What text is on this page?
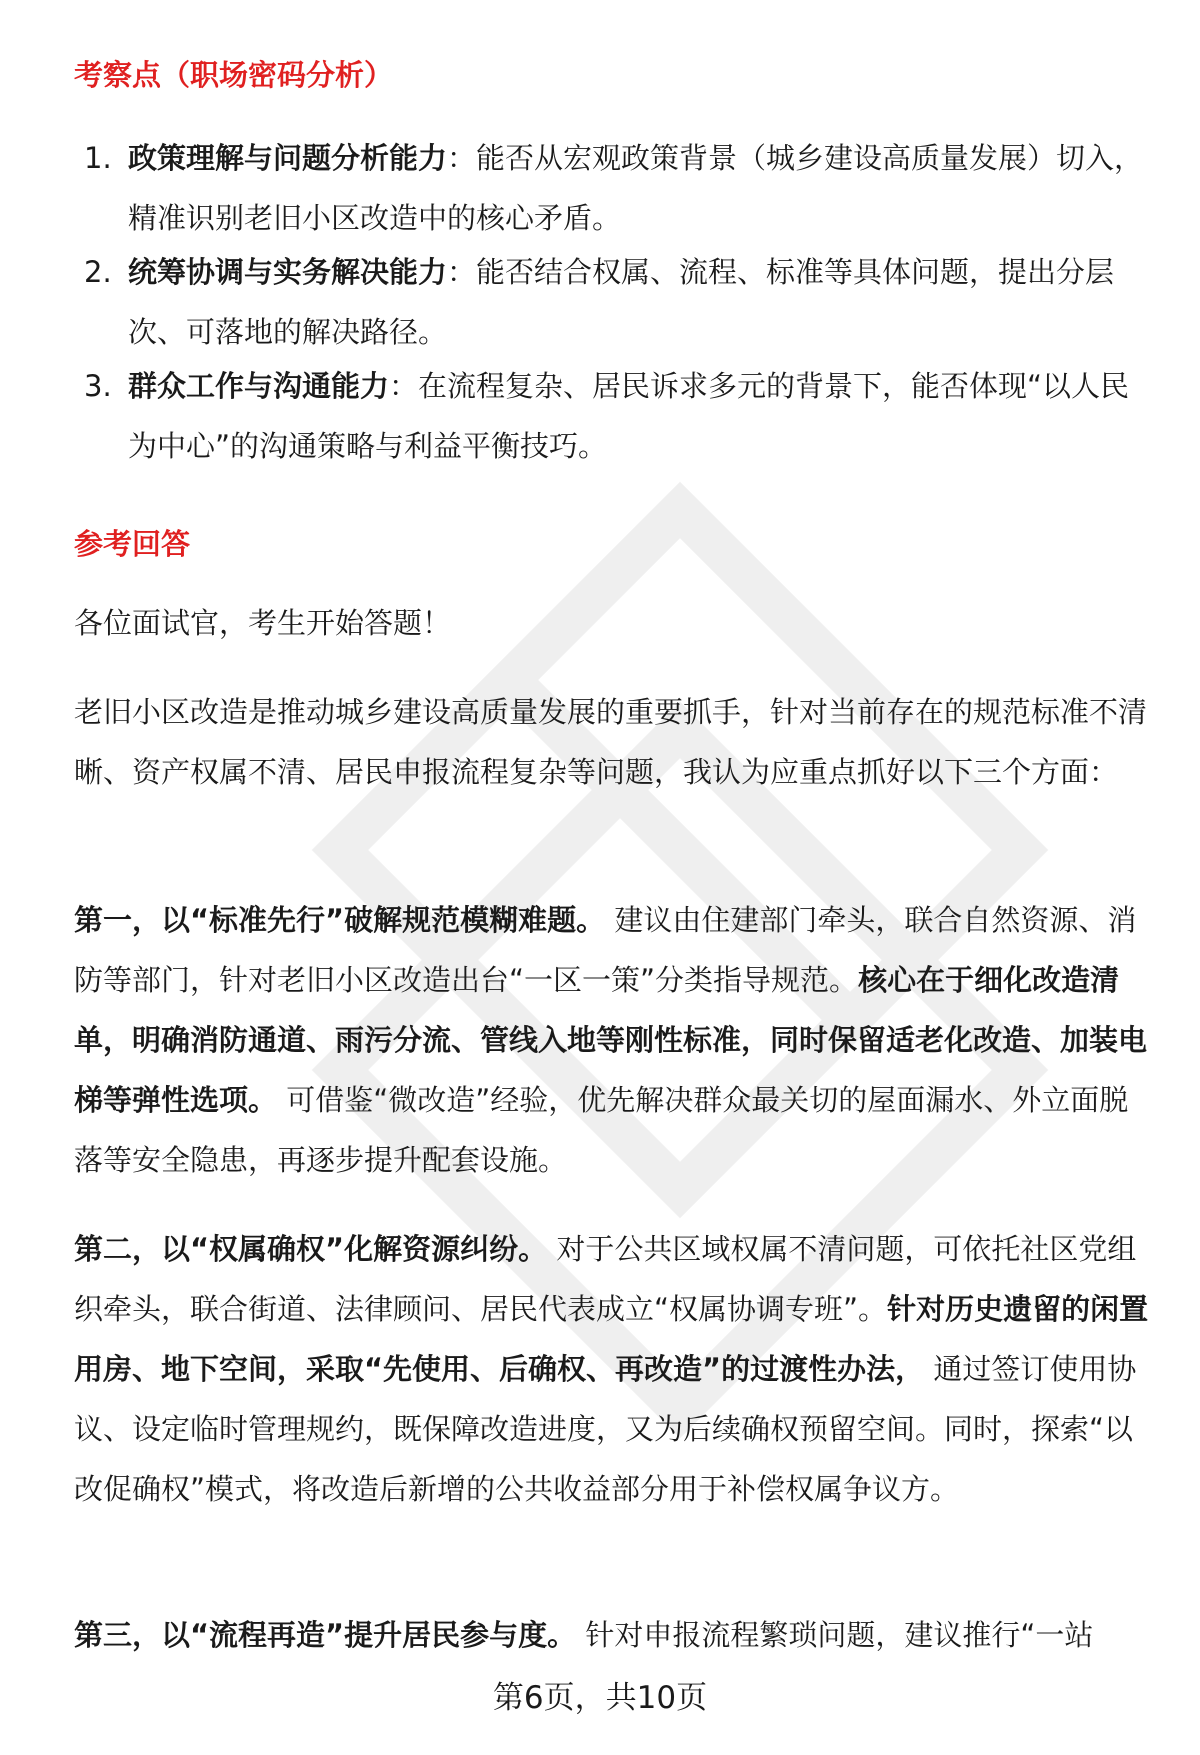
考察点（职场密码分析）
1. 政策理解与问题分析能力：能否从宏观政策背景（城乡建设高质量发展）切入，精准识别老旧小区改造中的核心矛盾。
2. 统筹协调与实务解决能力：能否结合权属、流程、标准等具体问题，提出分层次、可落地的解决路径。
3. 群众工作与沟通能力：在流程复杂、居民诉求多元的背景下，能否体现“以人民为中心”的沟通策略与利益平衡技巧。
参考回答
各位面试官，考生开始答题！
老旧小区改造是推动城乡建设高质量发展的重要抓手，针对当前存在的规范标准不清晰、资产权属不清、居民申报流程复杂等问题，我认为应重点抓好以下三个方面：
第一，以“标准先行”破解规范模糊难题。 建议由住建部门牵头，联合自然资源、消防等部门，针对老旧小区改造出台“一区一策”分类指导规范。核心在于细化改造清单，明确消防通道、雨污分流、管线入地等刚性标准，同时保留适老化改造、加装电梯等弹性选项。 可借鉴“微改造”经验，优先解决群众最关切的屋面漏水、外立面脱落等安全隐患，再逐步提升配套设施。
第二，以“权属确权”化解资源纠纷。 对于公共区域权属不清问题，可依托社区党组织牵头，联合街道、法律顾问、居民代表成立“权属协调专班”。针对历史遗留的闲置用房、地下空间，采取“先使用、后确权、再改造”的过渡性办法， 通过签订使用协议、设定临时管理规约，既保障改造进度，又为后续确权预留空间。同时，探索“以改促确权”模式，将改造后新增的公共收益部分用于补偿权属争议方。
第三，以“流程再造”提升居民参与度。 针对申报流程繁琐问题，建议推行“一站
第6页，共10页
